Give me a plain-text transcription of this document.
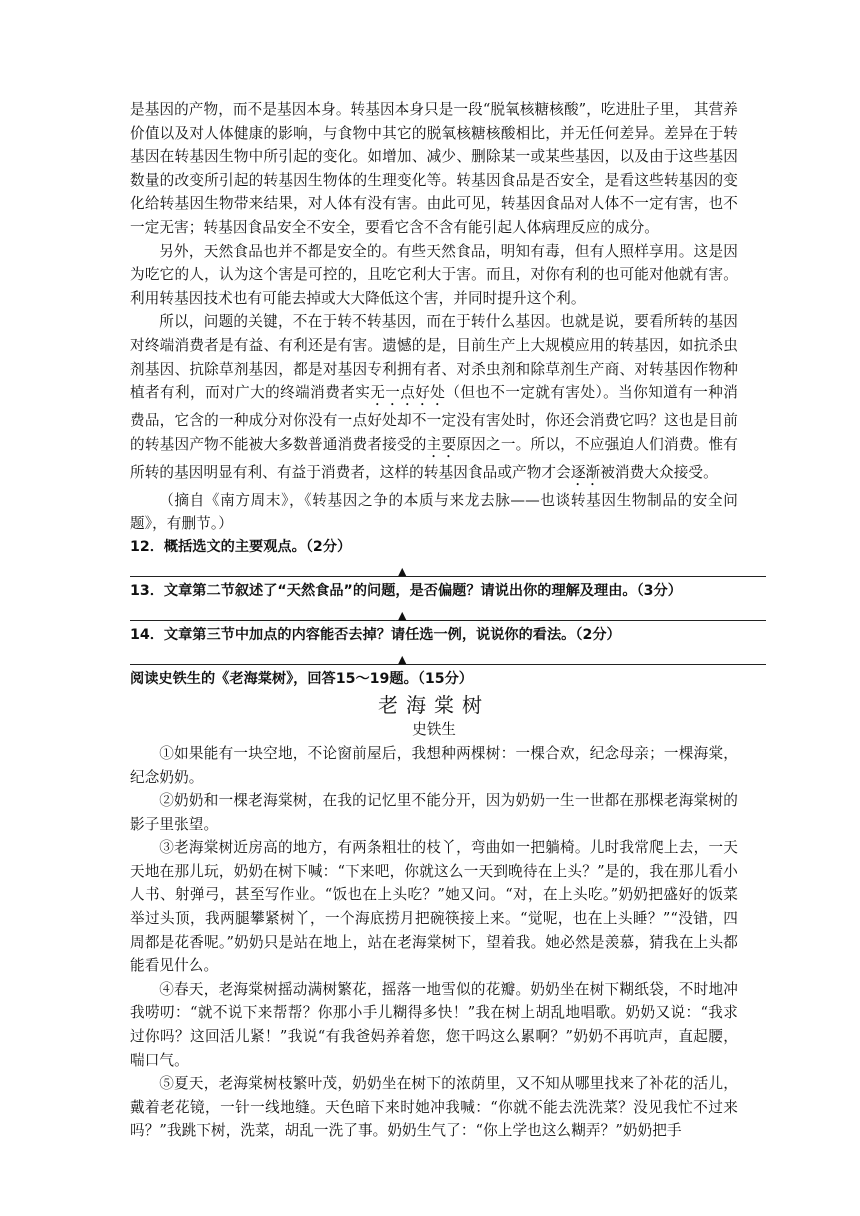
是基因的产物，而不是基因本身。转基因本身只是一段“脱氧核糖核酸”，吃进肚子里， 其营养价值以及对人体健康的影响，与食物中其它的脱氧核糖核酸相比，并无任何差异。差异在于转基因在转基因生物中所引起的变化。如增加、减少、删除某一或某些基因，以及由于这些基因数量的改变所引起的转基因生物体的生理变化等。转基因食品是否安全，是看这些转基因的变化给转基因生物带来结果，对人体有没有害。由此可见，转基因食品对人体不一定有害，也不一定无害；转基因食品安全不安全，要看它含不含有能引起人体病理反应的成分。

另外，天然食品也并不都是安全的。有些天然食品，明知有毒，但有人照样享用。这是因为吃它的人，认为这个害是可控的，且吃它利大于害。而且，对你有利的也可能对他就有害。利用转基因技术也有可能去掉或大大降低这个害，并同时提升这个利。

所以，问题的关键，不在于转不转基因，而在于转什么基因。也就是说，要看所转的基因对终端消费者是有益、有利还是有害。遗憾的是，目前生产上大规模应用的转基因，如抗杀虫剂基因、抗除草剂基因，都是对基因专利拥有者、对杀虫剂和除草剂生产商、对转基因作物种植者有利，而对广大的终端消费者实无一点好处（但也不一定就有害处）。当你知道有一种消费品，它含的一种成分对你没有一点好处却不一定没有害处时，你还会消费它吗？这也是目前的转基因产物不能被大多数普通消费者接受的主要原因之一。所以，不应强迫人们消费。惟有所转的基因明显有利、有益于消费者，这样的转基因食品或产物才会逐渐被消费大众接受。

（摘自《南方周末》，《转基因之争的本质与来龙去脉——也谈转基因生物制品的安全问题》，有删节。）

12．概括选文的主要观点。（2分）

▲

13．文章第二节叙述了“天然食品”的问题，是否偏题？请说出你的理解及理由。（3分）

▲

14．文章第三节中加点的内容能否去掉？请任选一例，说说你的看法。（2分）

▲

阅读史铁生的《老海棠树》，回答15～19题。（15分）

老海棠树

史铁生

①如果能有一块空地，不论窗前屋后，我想种两棵树：一棵合欢，纪念母亲；一棵海棠，纪念奶奶。

②奶奶和一棵老海棠树，在我的记忆里不能分开，因为奶奶一生一世都在那棵老海棠树的影子里张望。

③老海棠树近房高的地方，有两条粗壮的枝丫，弯曲如一把躺椅。儿时我常爬上去，一天天地在那儿玩，奶奶在树下喊：“下来吧，你就这么一天到晚待在上头？”是的，我在那儿看小人书、射弹弓，甚至写作业。“饭也在上头吃？”她又问。“对，在上头吃。”奶奶把盛好的饭菜举过头顶，我两腿攀紧树丫，一个海底捞月把碗筷接上来。“觉呢，也在上头睡？”“没错，四周都是花香呢。”奶奶只是站在地上，站在老海棠树下，望着我。她必然是羡慕，猜我在上头都能看见什么。

④春天，老海棠树摇动满树繁花，摇落一地雪似的花瓣。奶奶坐在树下糊纸袋，不时地冲我唠叨：“就不说下来帮帮？你那小手儿糊得多快！”我在树上胡乱地唱歌。奶奶又说：“我求过你吗？这回活儿紧！”我说“有我爸妈养着您，您干吗这么累啊？”奶奶不再吭声，直起腰，喘口气。

⑤夏天，老海棠树枝繁叶茂，奶奶坐在树下的浓荫里，又不知从哪里找来了补花的活儿，戴着老花镜，一针一线地缝。天色暗下来时她冲我喊：“你就不能去洗洗菜？没见我忙不过来吗？”我跳下树，洗菜，胡乱一洗了事。奶奶生气了：“你上学也这么糊弄？”奶奶把手
